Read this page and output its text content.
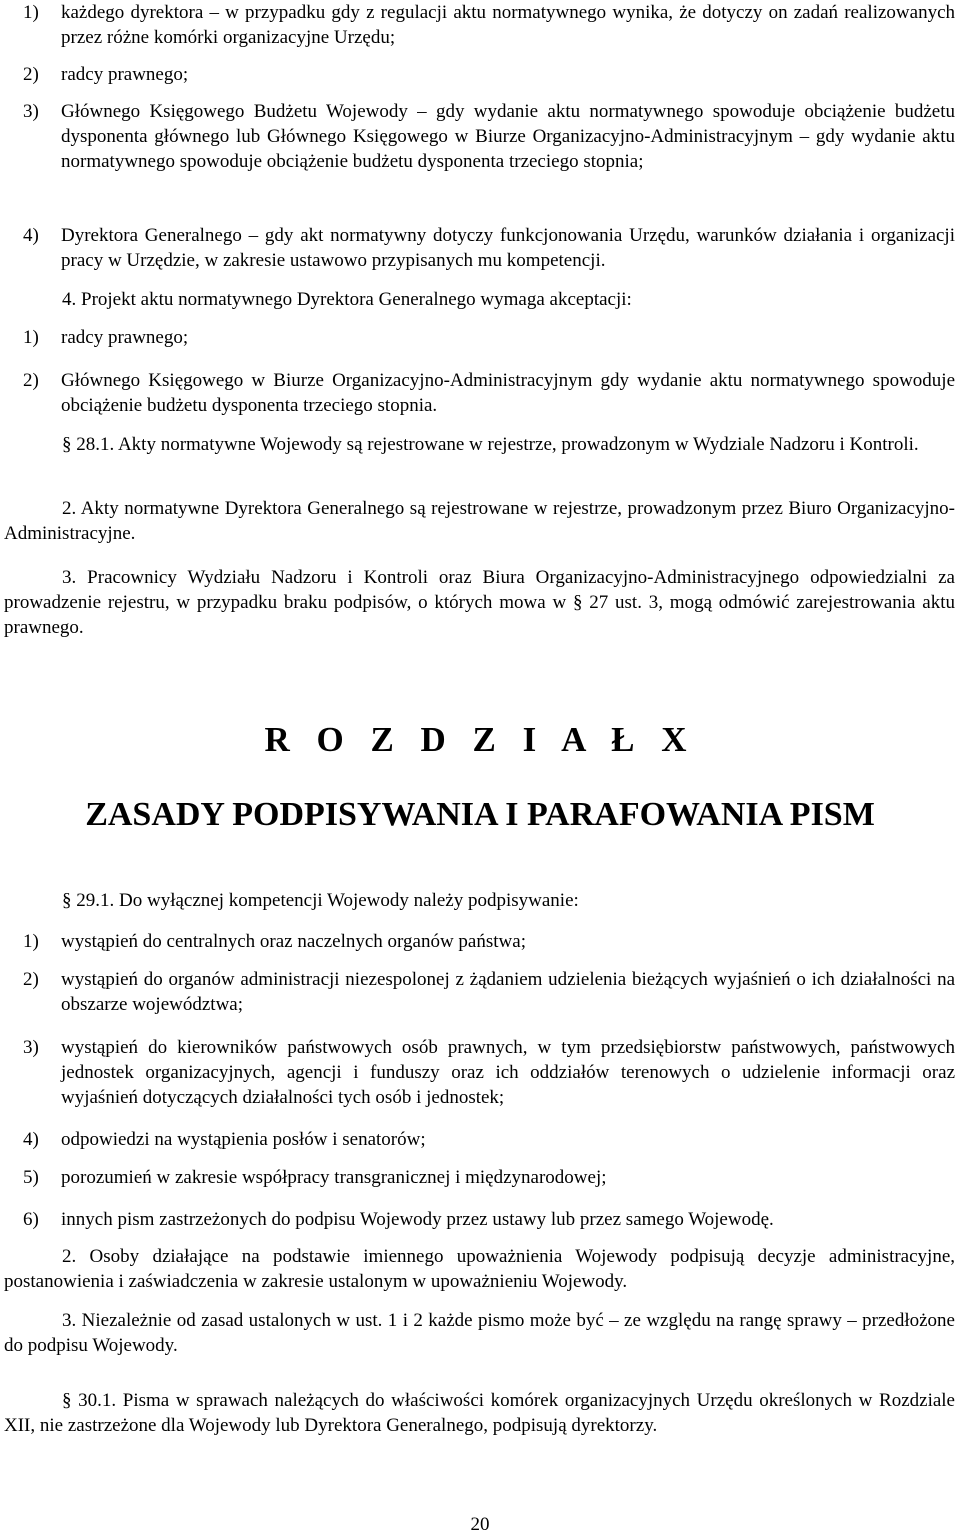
1) każdego dyrektora – w przypadku gdy z regulacji aktu normatywnego wynika, że dotyczy on zadań realizowanych przez różne komórki organizacyjne Urzędu;
2) radcy prawnego;
3) Głównego Księgowego Budżetu Wojewody – gdy wydanie aktu normatywnego spowoduje obciążenie budżetu dysponenta głównego lub Głównego Księgowego w Biurze Organizacyjno-Administracyjnym – gdy wydanie aktu normatywnego spowoduje obciążenie budżetu dysponenta trzeciego stopnia;
4) Dyrektora Generalnego – gdy akt normatywny dotyczy funkcjonowania Urzędu, warunków działania i organizacji pracy w Urzędzie, w zakresie ustawowo przypisanych mu kompetencji.
4. Projekt aktu normatywnego Dyrektora Generalnego wymaga akceptacji:
1) radcy prawnego;
2) Głównego Księgowego w Biurze Organizacyjno-Administracyjnym gdy wydanie aktu normatywnego spowoduje obciążenie budżetu dysponenta trzeciego stopnia.
§ 28.1. Akty normatywne Wojewody są rejestrowane w rejestrze, prowadzonym w Wydziale Nadzoru i Kontroli.
2. Akty normatywne Dyrektora Generalnego są rejestrowane w rejestrze, prowadzonym przez Biuro Organizacyjno-Administracyjne.
3. Pracownicy Wydziału Nadzoru i Kontroli oraz Biura Organizacyjno-Administracyjnego odpowiedzialni za prowadzenie rejestru, w przypadku braku podpisów, o których mowa w § 27 ust. 3, mogą odmówić zarejestrowania aktu prawnego.
R O Z D Z I A Ł X
ZASADY PODPISYWANIA I PARAFOWANIA PISM
§ 29.1. Do wyłącznej kompetencji Wojewody należy podpisywanie:
1) wystąpień do centralnych oraz naczelnych organów państwa;
2) wystąpień do organów administracji niezespolonej z żądaniem udzielenia bieżących wyjaśnień o ich działalności na obszarze województwa;
3) wystąpień do kierowników państwowych osób prawnych, w tym przedsiębiorstw państwowych, państwowych jednostek organizacyjnych, agencji i funduszy oraz ich oddziałów terenowych o udzielenie informacji oraz wyjaśnień dotyczących działalności tych osób i jednostek;
4) odpowiedzi na wystąpienia posłów i senatorów;
5) porozumień w zakresie współpracy transgranicznej i międzynarodowej;
6) innych pism zastrzeżonych do podpisu Wojewody przez ustawy lub przez samego Wojewodę.
2. Osoby działające na podstawie imiennego upoważnienia Wojewody podpisują decyzje administracyjne, postanowienia i zaświadczenia w zakresie ustalonym w upoważnieniu Wojewody.
3. Niezależnie od zasad ustalonych w ust. 1 i 2 każde pismo może być – ze względu na rangę sprawy – przedłożone do podpisu Wojewody.
§ 30.1. Pisma w sprawach należących do właściwości komórek organizacyjnych Urzędu określonych w Rozdziale XII, nie zastrzeżone dla Wojewody lub Dyrektora Generalnego, podpisują dyrektorzy.
20
